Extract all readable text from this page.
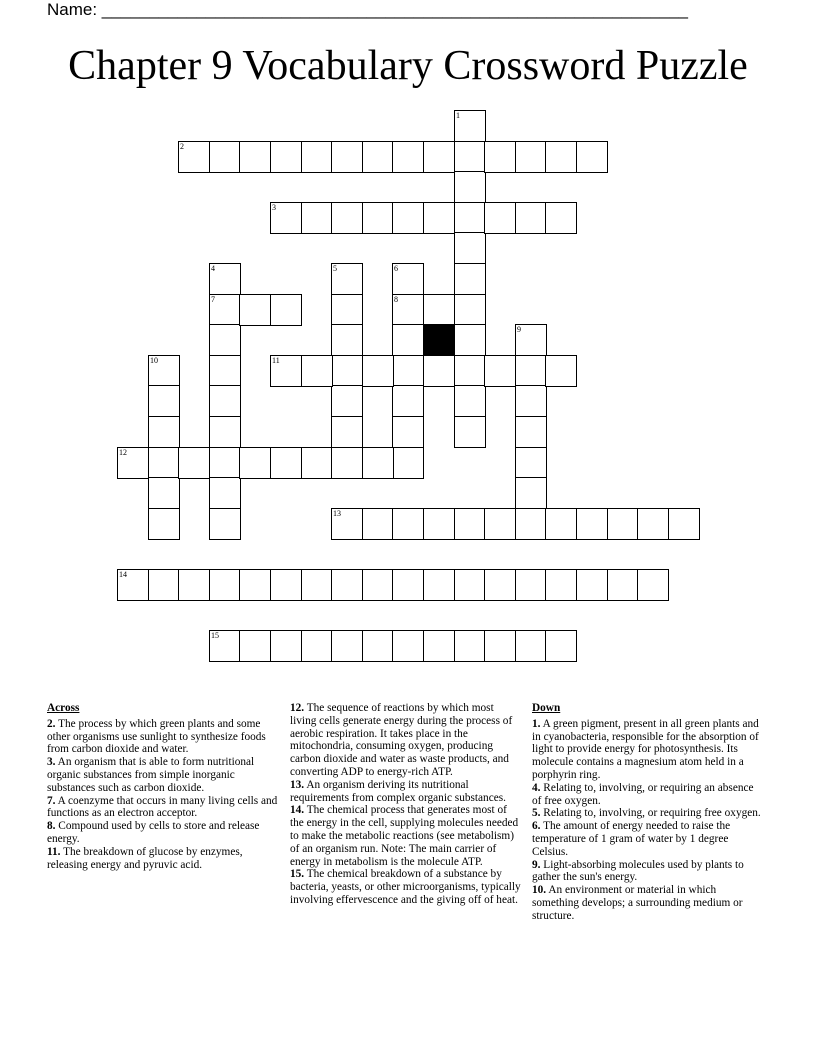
Name: ______________________________________________________________
Chapter 9 Vocabulary Crossword Puzzle
1
2
3
4	5	6
7	8
9
10	11
12
13
14
15
Across
2. The process by which green plants and some other organisms use sunlight to synthesize foods from carbon dioxide and water.
3. An organism that is able to form nutritional organic substances from simple inorganic substances such as carbon dioxide.
7. A coenzyme that occurs in many living cells and functions as an electron acceptor.
8. Compound used by cells to store and release energy.
11. The breakdown of glucose by enzymes, releasing energy and pyruvic acid.
12. The sequence of reactions by which most living cells generate energy during the process of aerobic respiration. It takes place in the mitochondria, consuming oxygen, producing carbon dioxide and water as waste products, and converting ADP to energy-rich ATP.
13. An organism deriving its nutritional requirements from complex organic substances.
14. The chemical process that generates most of the energy in the cell, supplying molecules needed to make the metabolic reactions (see metabolism) of an organism run. Note: The main carrier of energy in metabolism is the molecule ATP.
15. The chemical breakdown of a substance by bacteria, yeasts, or other microorganisms, typically involving effervescence and the giving off of heat.
Down
1. A green pigment, present in all green plants and in cyanobacteria, responsible for the absorption of light to provide energy for photosynthesis. Its molecule contains a magnesium atom held in a porphyrin ring.
4. Relating to, involving, or requiring an absence of free oxygen.
5. Relating to, involving, or requiring free oxygen.
6. The amount of energy needed to raise the temperature of 1 gram of water by 1 degree Celsius.
9. Light-absorbing molecules used by plants to gather the sun's energy.
10. An environment or material in which something develops; a surrounding medium or structure.
